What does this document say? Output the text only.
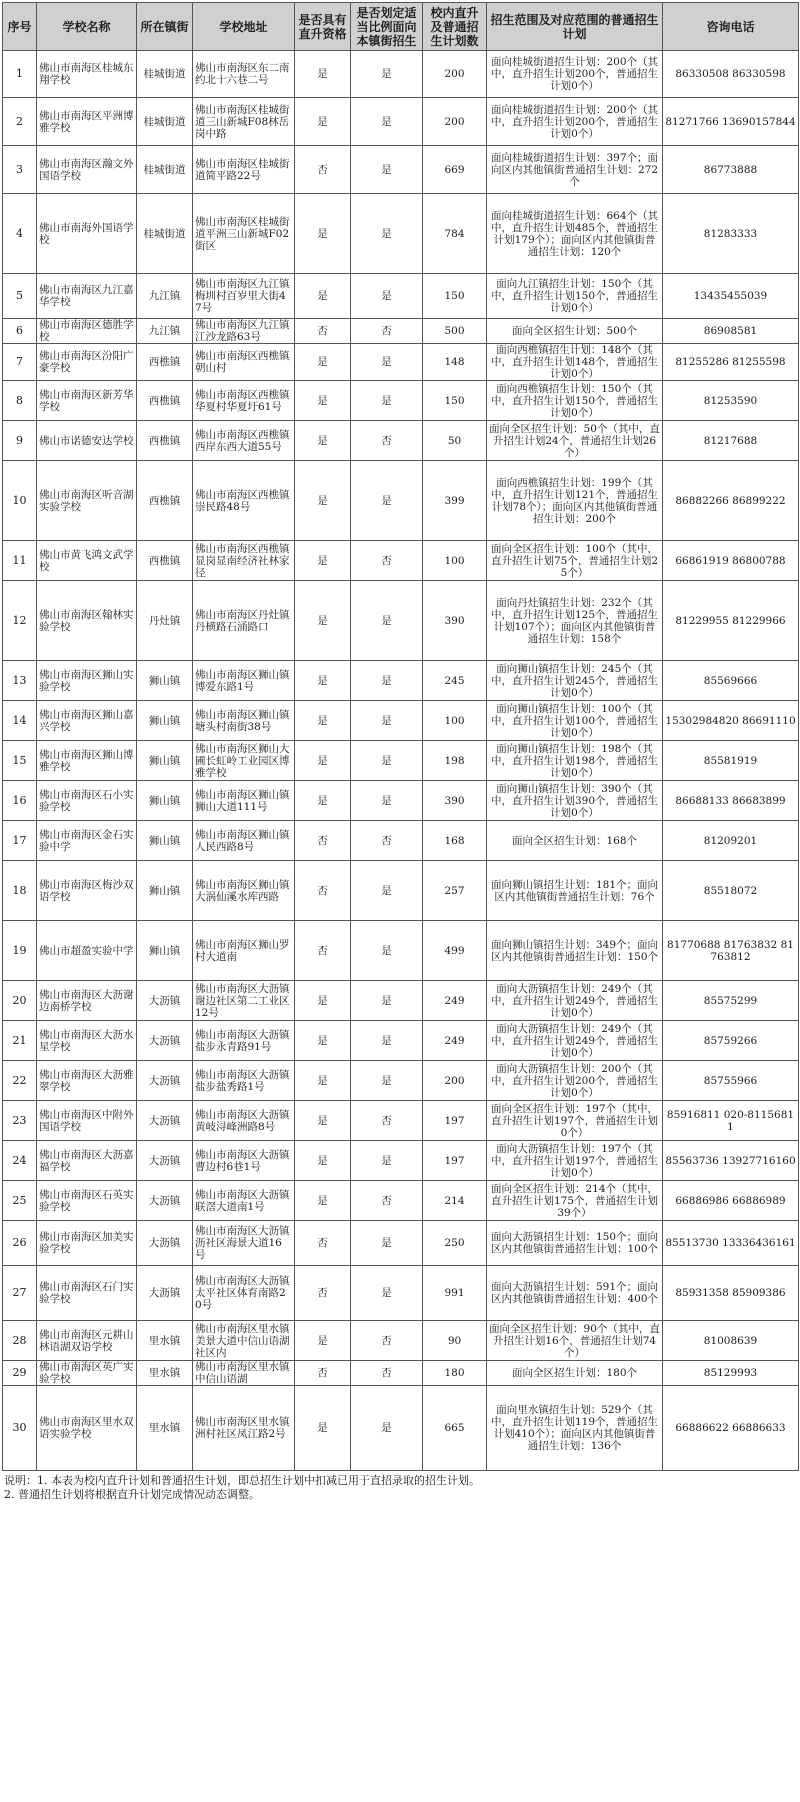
序号	学校名称	所在镇街	学校地址	是否具有直升资格	是否划定适当比例面向本镇街招生	校内直升及普通招生计划数	招生范围及对应范围的普通招生计划	咨询电话
1	佛山市南海区桂城东翔学校	桂城街道	佛山市南海区东二南约北十六巷二号	是	是	200	面向桂城街道招生计划：200个（其中，直升招生计划200个，普通招生计划0个）	86330508 86330598
2	佛山市南海区平洲博雅学校	桂城街道	佛山市南海区桂城街道三山新城F08林岳岗中路	是	是	200	面向桂城街道招生计划：200个（其中，直升招生计划200个，普通招生计划0个）	81271766 13690157844
3	佛山市南海区瀚文外国语学校	桂城街道	佛山市南海区桂城街道简平路22号	否	是	669	面向桂城街道招生计划：397个；面向区内其他镇街普通招生计划：272个	86773888
4	佛山市南海外国语学校	桂城街道	佛山市南海区桂城街道平洲三山新城F02街区	是	是	784	面向桂城街道招生计划：664个（其中，直升招生计划485个，普通招生计划179个）；面向区内其他镇街普通招生计划：120个	81283333
5	佛山市南海区九江嘉华学校	九江镇	佛山市南海区九江镇梅圳村百岁里大街47号	是	是	150	面向九江镇招生计划：150个（其中，直升招生计划150个，普通招生计划0个）	13435455039
6	佛山市南海区德胜学校	九江镇	佛山市南海区九江镇江沙龙路63号	否	否	500	面向全区招生计划：500个	86908581
7	佛山市南海区汾阳广豪学校	西樵镇	佛山市南海区西樵镇朝山村	是	是	148	面向西樵镇招生计划：148个（其中，直升招生计划148个，普通招生计划0个）	81255286 81255598
8	佛山市南海区新芳华学校	西樵镇	佛山市南海区西樵镇华夏村华夏圩61号	是	是	150	面向西樵镇招生计划：150个（其中，直升招生计划150个，普通招生计划0个）	81253590
9	佛山市诺德安达学校	西樵镇	佛山市南海区西樵镇西岸东西大道55号	是	否	50	面向全区招生计划：50个（其中，直升招生计划24个，普通招生计划26个）	81217688
10	佛山市南海区听音湖实验学校	西樵镇	佛山市南海区西樵镇崇民路48号	是	是	399	面向西樵镇招生计划：199个（其中，直升招生计划121个，普通招生计划78个）；面向区内其他镇街普通招生计划：200个	86882266 86899222
11	佛山市黄飞鸿文武学校	西樵镇	佛山市南海区西樵镇显岗显南经济社林家径	是	否	100	面向全区招生计划：100个（其中，直升招生计划75个，普通招生计划25个）	66861919 86800788
12	佛山市南海区翰林实验学校	丹灶镇	佛山市南海区丹灶镇丹横路石涌路口	是	是	390	面向丹灶镇招生计划：232个（其中，直升招生计划125个，普通招生计划107个）；面向区内其他镇街普通招生计划：158个	81229955 81229966
13	佛山市南海区狮山实验学校	狮山镇	佛山市南海区狮山镇博爱东路1号	是	是	245	面向狮山镇招生计划：245个（其中，直升招生计划245个，普通招生计划0个）	85569666
14	佛山市南海区狮山嘉兴学校	狮山镇	佛山市南海区狮山镇塘头村南街38号	是	是	100	面向狮山镇招生计划：100个（其中，直升招生计划100个，普通招生计划0个）	15302984820 86691110
15	佛山市南海区狮山博雅学校	狮山镇	佛山市南海区狮山大圃长虹岭工业园区博雅学校	是	是	198	面向狮山镇招生计划：198个（其中，直升招生计划198个，普通招生计划0个）	85581919
16	佛山市南海区石小实验学校	狮山镇	佛山市南海区狮山镇狮山大道111号	是	是	390	面向狮山镇招生计划：390个（其中，直升招生计划390个，普通招生计划0个）	86688133 86683899
17	佛山市南海区金石实验中学	狮山镇	佛山市南海区狮山镇人民西路8号	否	否	168	面向全区招生计划：168个	81209201
18	佛山市南海区梅沙双语学校	狮山镇	佛山市南海区狮山镇大涡仙溪水库西路	否	是	257	面向狮山镇招生计划：181个；面向区内其他镇街普通招生计划：76个	85518072
19	佛山市超盈实验中学	狮山镇	佛山市南海区狮山罗村大道南	否	是	499	面向狮山镇招生计划：349个；面向区内其他镇街普通招生计划：150个	81770688 81763832 81763812
20	佛山市南海区大沥谢边南桥学校	大沥镇	佛山市南海区大沥镇谢边社区第二工业区12号	是	是	249	面向大沥镇招生计划：249个（其中，直升招生计划249个，普通招生计划0个）	85575299
21	佛山市南海区大沥水星学校	大沥镇	佛山市南海区大沥镇盐步永青路91号	是	是	249	面向大沥镇招生计划：249个（其中，直升招生计划249个，普通招生计划0个）	85759266
22	佛山市南海区大沥雅翠学校	大沥镇	佛山市南海区大沥镇盐步盐秀路1号	是	是	200	面向大沥镇招生计划：200个（其中，直升招生计划200个，普通招生计划0个）	85755966
23	佛山市南海区中附外国语学校	大沥镇	佛山市南海区大沥镇黄岐浔峰洲路8号	是	否	197	面向全区招生计划：197个（其中，直升招生计划197个，普通招生计划0个）	85916811 020-81156811
24	佛山市南海区大沥嘉福学校	大沥镇	佛山市南海区大沥镇曹边村6巷1号	是	是	197	面向大沥镇招生计划：197个（其中，直升招生计划197个，普通招生计划0个）	85563736 13927716160
25	佛山市南海区石英实验学校	大沥镇	佛山市南海区大沥镇联滘大道南1号	是	否	214	面向全区招生计划：214个（其中，直升招生计划175个，普通招生计划39个）	66886986 66886989
26	佛山市南海区加美实验学校	大沥镇	佛山市南海区大沥镇沥社区海景大道16号	否	是	250	面向大沥镇招生计划：150个；面向区内其他镇街普通招生计划：100个	85513730 13336436161
27	佛山市南海区石门实验学校	大沥镇	佛山市南海区大沥镇太平社区体育南路20号	否	是	991	面向大沥镇招生计划：591个；面向区内其他镇街普通招生计划：400个	85931358 85909386
28	佛山市南海区元耕山林语湖双语学校	里水镇	佛山市南海区里水镇美景大道中信山语湖社区内	是	否	90	面向全区招生计划：90个（其中，直升招生计划16个，普通招生计划74个）	81008639
29	佛山市南海区英广实验学校	里水镇	佛山市南海区里水镇中信山语湖	否	否	180	面向全区招生计划：180个	85129993
30	佛山市南海区里水双语实验学校	里水镇	佛山市南海区里水镇洲村社区凤江路2号	是	是	665	面向里水镇招生计划：529个（其中，直升招生计划119个，普通招生计划410个）；面向区内其他镇街普通招生计划：136个	66886622 66886633
说明：1. 本表为校内直升计划和普通招生计划，即总招生计划中扣减已用于直招录取的招生计划。
2. 普通招生计划将根据直升计划完成情况动态调整。
